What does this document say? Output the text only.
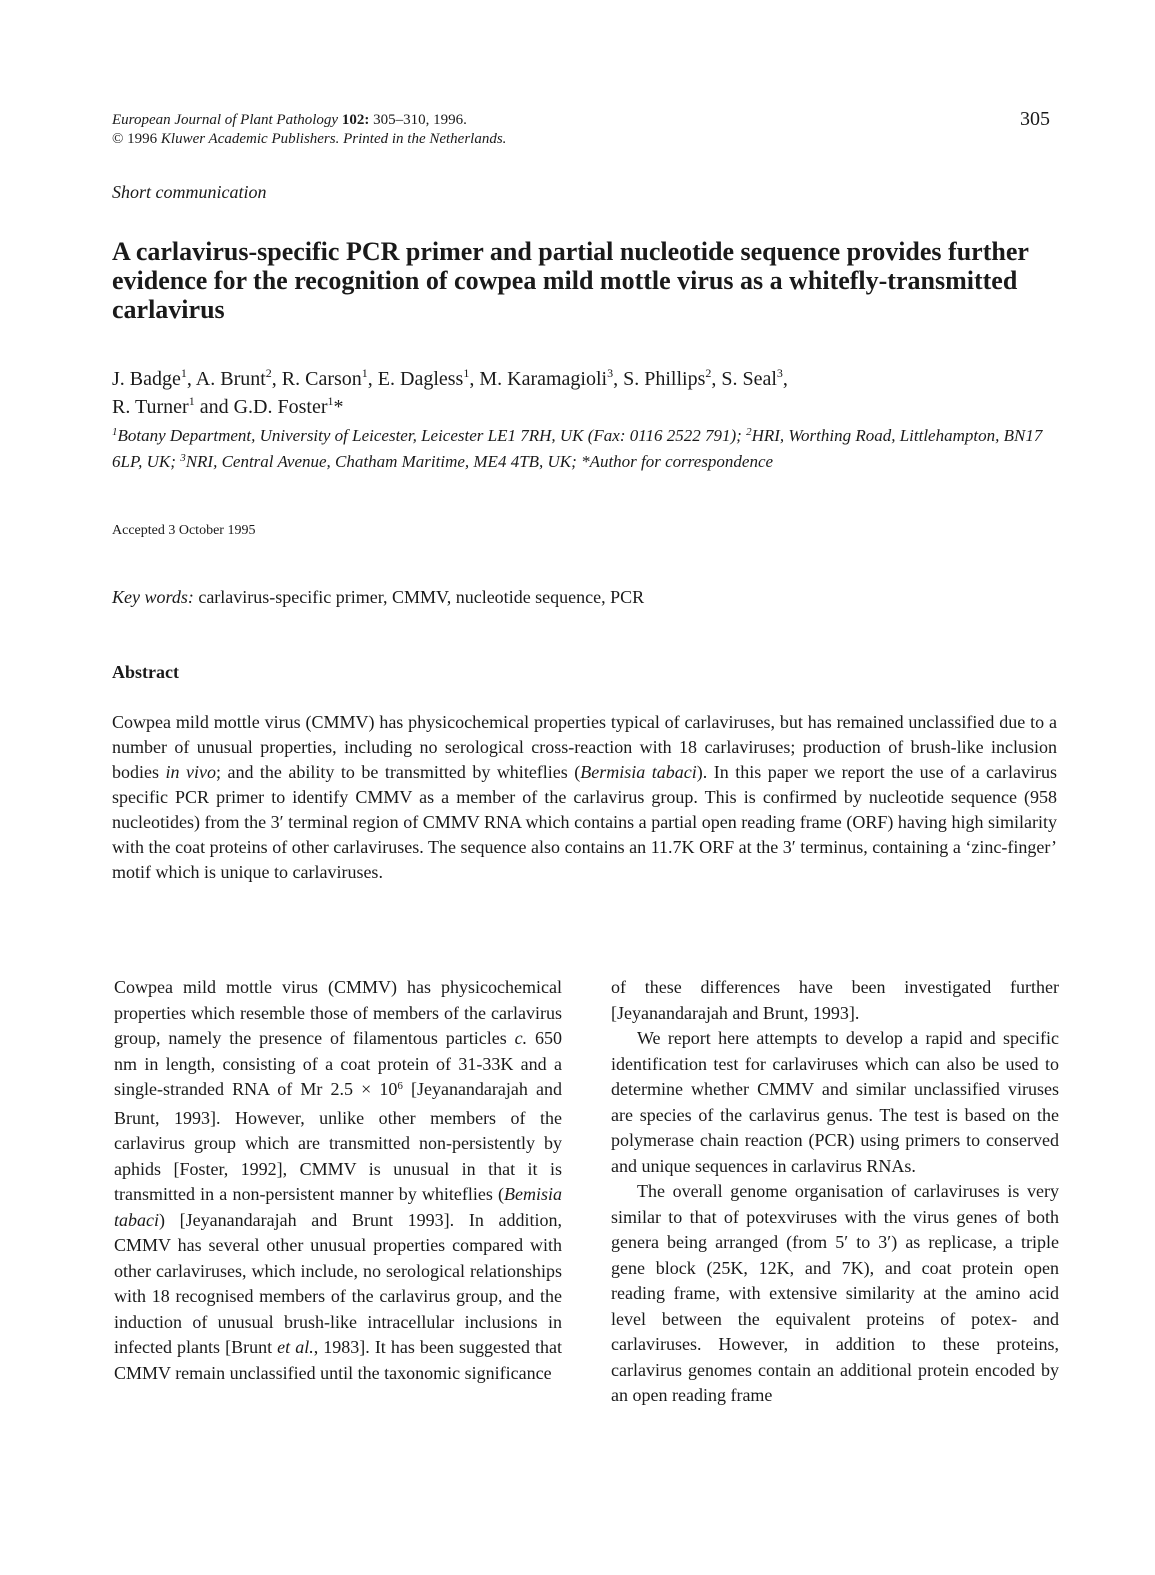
European Journal of Plant Pathology 102: 305–310, 1996.
© 1996 Kluwer Academic Publishers. Printed in the Netherlands.
305
Short communication
A carlavirus-specific PCR primer and partial nucleotide sequence provides further evidence for the recognition of cowpea mild mottle virus as a whitefly-transmitted carlavirus
J. Badge$^1$, A. Brunt$^2$, R. Carson$^1$, E. Dagless$^1$, M. Karamagioli$^3$, S. Phillips$^2$, S. Seal$^3$,
R. Turner$^1$ and G.D. Foster$^1$*
$^1$Botany Department, University of Leicester, Leicester LE1 7RH, UK (Fax: 0116 2522 791); $^2$HRI, Worthing Road, Littlehampton, BN17 6LP, UK; $^3$NRI, Central Avenue, Chatham Maritime, ME4 4TB, UK; *Author for correspondence
Accepted 3 October 1995
Key words: carlavirus-specific primer, CMMV, nucleotide sequence, PCR
Abstract

Cowpea mild mottle virus (CMMV) has physicochemical properties typical of carlaviruses, but has remained unclassified due to a number of unusual properties, including no serological cross-reaction with 18 carlaviruses; production of brush-like inclusion bodies in vivo; and the ability to be transmitted by whiteflies (Bermisia tabaci). In this paper we report the use of a carlavirus specific PCR primer to identify CMMV as a member of the carlavirus group. This is confirmed by nucleotide sequence (958 nucleotides) from the 3′ terminal region of CMMV RNA which contains a partial open reading frame (ORF) having high similarity with the coat proteins of other carlaviruses. The sequence also contains an 11.7K ORF at the 3′ terminus, containing a ‘zinc-finger’ motif which is unique to carlaviruses.

Cowpea mild mottle virus (CMMV) has physicochemical properties which resemble those of members of the carlavirus group, namely the presence of filamentous particles c. 650 nm in length, consisting of a coat protein of 31-33K and a single-stranded RNA of Mr $2.5 \times 10^6$ [Jeyanandarajah and Brunt, 1993]. However, unlike other members of the carlavirus group which are transmitted non-persistently by aphids [Foster, 1992], CMMV is unusual in that it is transmitted in a non-persistent manner by whiteflies (Bemisia tabaci) [Jeyanandarajah and Brunt 1993]. In addition, CMMV has several other unusual properties compared with other carlaviruses, which include, no serological relationships with 18 recognised members of the carlavirus group, and the induction of unusual brush-like intracellular inclusions in infected plants [Brunt et al., 1983]. It has been suggested that CMMV remain unclassified until the taxonomic significance

of these differences have been investigated further [Jeyanandarajah and Brunt, 1993].

We report here attempts to develop a rapid and specific identification test for carlaviruses which can also be used to determine whether CMMV and similar unclassified viruses are species of the carlavirus genus. The test is based on the polymerase chain reaction (PCR) using primers to conserved and unique sequences in carlavirus RNAs.

The overall genome organisation of carlaviruses is very similar to that of potexviruses with the virus genes of both genera being arranged (from 5′ to 3′) as replicase, a triple gene block (25K, 12K, and 7K), and coat protein open reading frame, with extensive similarity at the amino acid level between the equivalent proteins of potex- and carlaviruses. However, in addition to these proteins, carlavirus genomes contain an additional protein encoded by an open reading frame
